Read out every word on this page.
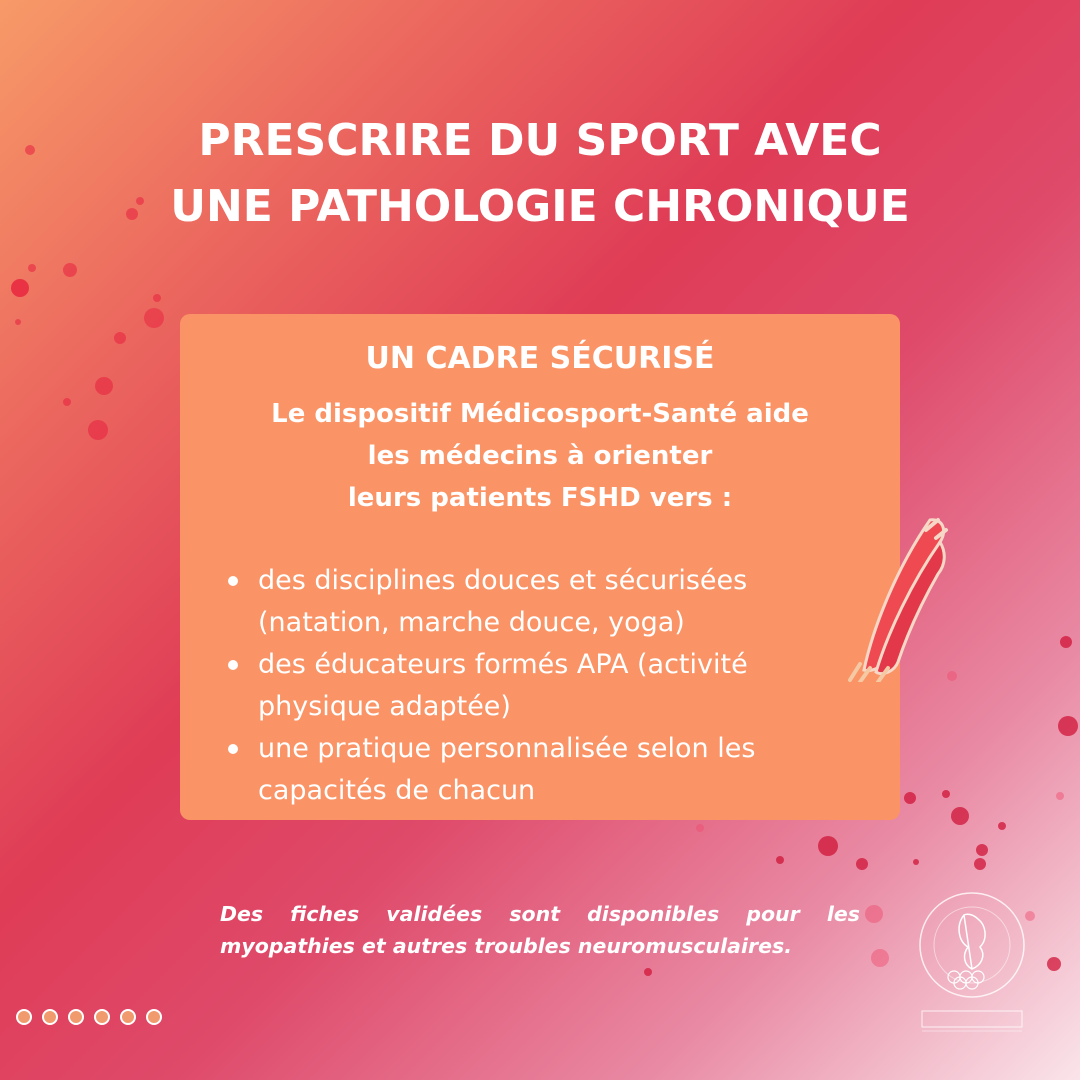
PRESCRIRE DU SPORT AVEC
UNE PATHOLOGIE CHRONIQUE
UN CADRE SÉCURISÉ
Le dispositif Médicosport-Santé aide
les médecins à orienter
leurs patients FSHD vers :
des disciplines douces et sécurisées
(natation, marche douce, yoga)
des éducateurs formés APA (activité
physique adaptée)
une pratique personnalisée selon les
capacités de chacun
Des fiches validées sont disponibles pour les
myopathies et autres troubles neuromusculaires.
